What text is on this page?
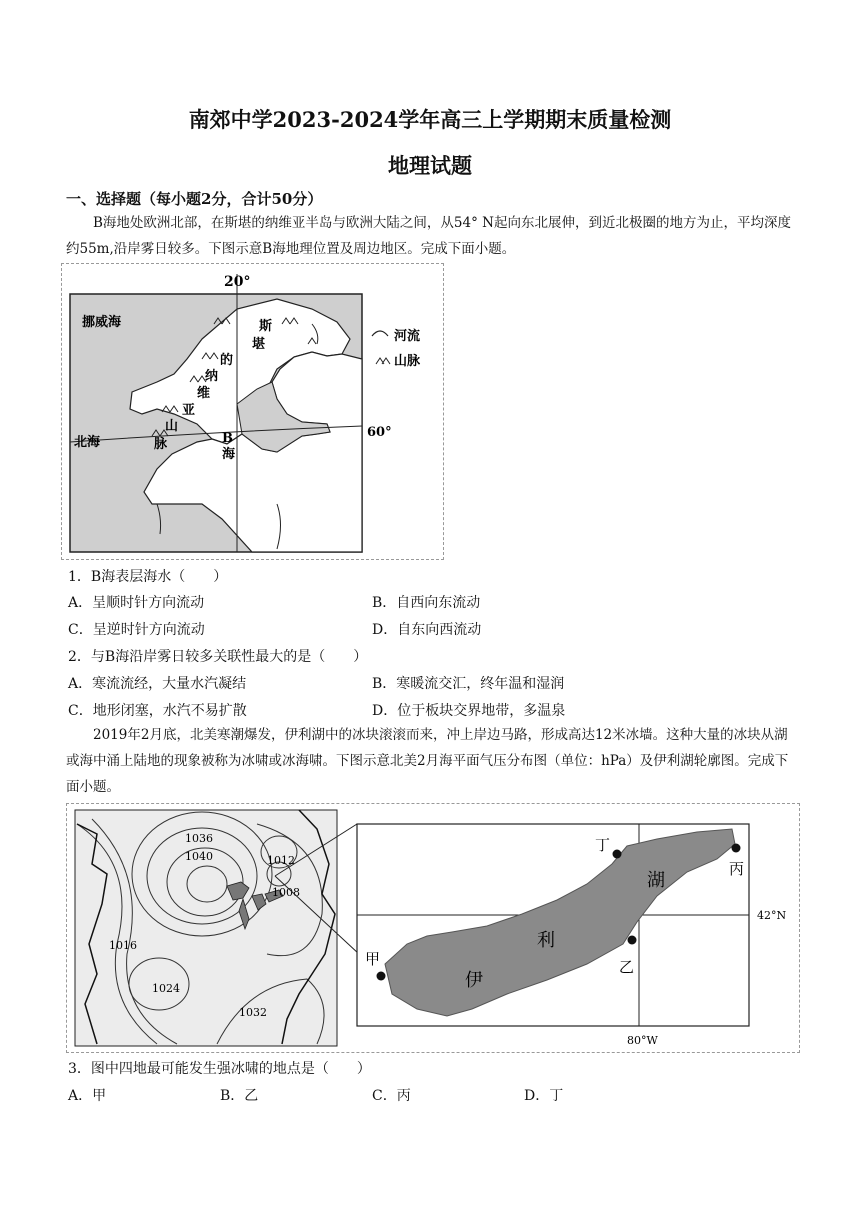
南郊中学2023-2024学年高三上学期期末质量检测
地理试题
一、选择题（每小题2分，合计50分）
B海地处欧洲北部，在斯堪的纳维亚半岛与欧洲大陆之间，从54° N起向东北展伸，到近北极圈的地方为止，平均深度约55m,沿岸雾日较多。下图示意B海地理位置及周边地区。完成下面小题。
20°
60°
挪威海
北海	B
海
斯
堪
的
纳
维
亚
山
脉
河流
山脉
1．B海表层海水（　　）
A．呈顺时针方向流动	B．自西向东流动
C．呈逆时针方向流动	D．自东向西流动
2．与B海沿岸雾日较多关联性最大的是（　　）
A．寒流流经，大量水汽凝结	B．寒暖流交汇，终年温和湿润
C．地形闭塞，水汽不易扩散	D．位于板块交界地带，多温泉
2019年2月底，北美寒潮爆发，伊利湖中的冰块滚滚而来，冲上岸边马路，形成高达12米冰墙。这种大量的冰块从湖或海中涌上陆地的现象被称为冰啸或冰海啸。下图示意北美2月海平面气压分布图（单位：hPa）及伊利湖轮廓图。完成下面小题。
1036
1040	1012
1008
1016
1024
1032
湖
利
伊
甲	乙
丙
丁
42°N
80°W
3．图中四地最可能发生强冰啸的地点是（　　）
A．甲	B．乙	C．丙	D．丁
